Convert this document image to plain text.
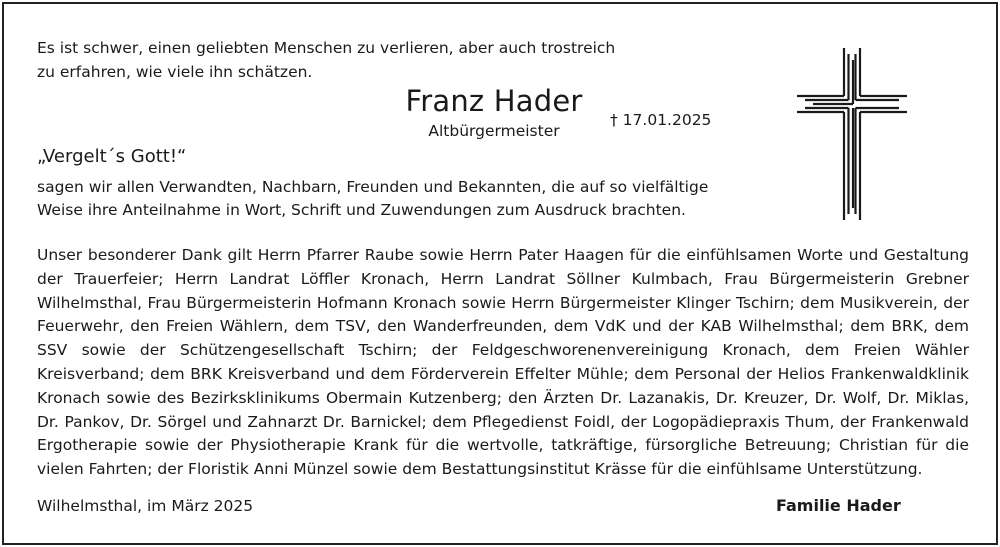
Es ist schwer, einen geliebten Menschen zu verlieren, aber auch trostreich
zu erfahren, wie viele ihn schätzen.
Franz Hader
Altbürgermeister
† 17.01.2025
„Vergelt´s Gott!“
sagen wir allen Verwandten, Nachbarn, Freunden und Bekannten, die auf so vielfältige
Weise ihre Anteilnahme in Wort, Schrift und Zuwendungen zum Ausdruck brachten.
Unser besonderer Dank gilt Herrn Pfarrer Raube sowie Herrn Pater Haagen für die einfühlsamen Worte und Gestaltung der Trauerfeier; Herrn Landrat Löffler Kronach, Herrn Landrat Söllner Kulmbach, Frau Bürgermeisterin Grebner Wilhelmsthal, Frau Bürgermeisterin Hofmann Kronach sowie Herrn Bürgermeister Klinger Tschirn; dem Musikverein, der Feuerwehr, den Freien Wählern, dem TSV, den Wanderfreunden, dem VdK und der KAB Wilhelmsthal; dem BRK, dem SSV sowie der Schützengesellschaft Tschirn; der Feldgeschworenenvereinigung Kronach, dem Freien Wähler Kreisverband; dem BRK Kreisverband und dem Förderverein Effelter Mühle; dem Personal der Helios Frankenwaldklinik Kronach sowie des Bezirksklinikums Obermain Kutzenberg; den Ärzten Dr. Lazanakis, Dr. Kreuzer, Dr. Wolf, Dr. Miklas, Dr. Pankov, Dr. Sörgel und Zahnarzt Dr. Barnickel; dem Pflegedienst Foidl, der Logopädiepraxis Thum, der Frankenwald Ergotherapie sowie der Physiotherapie Krank für die wertvolle, tatkräftige, fürsorgliche Betreuung; Christian für die vielen Fahrten; der Floristik Anni Münzel sowie dem Bestattungsinstitut Krässe für die einfühlsame Unterstützung.
Wilhelmsthal, im März 2025	Familie Hader
